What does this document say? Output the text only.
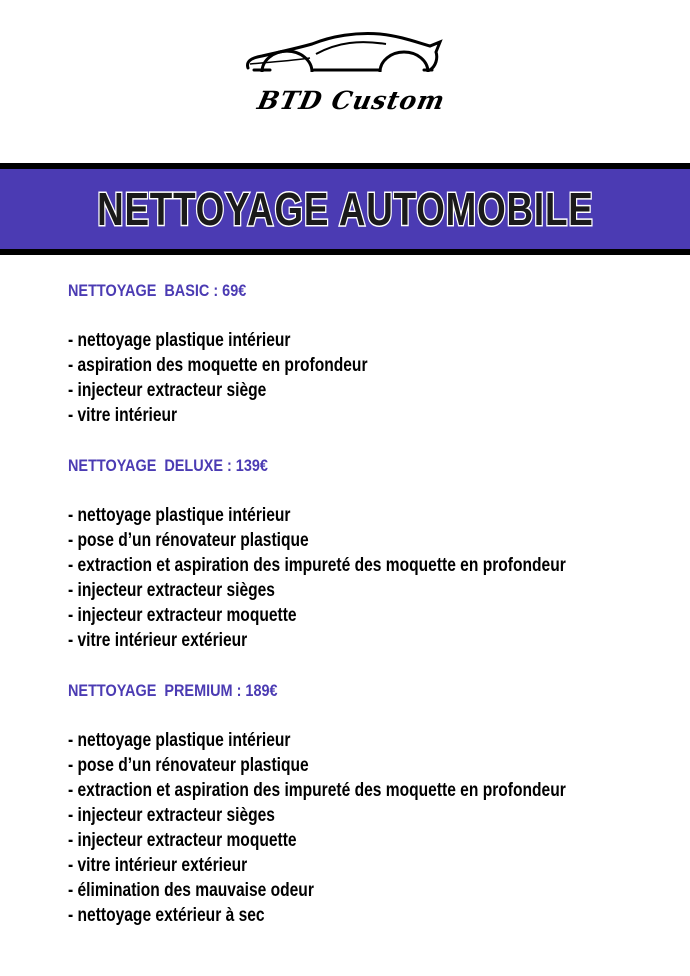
BTD Custom
NETTOYAGE AUTOMOBILE
NETTOYAGE  BASIC : 69€
- nettoyage plastique intérieur
- aspiration des moquette en profondeur
- injecteur extracteur siège
- vitre intérieur
NETTOYAGE  DELUXE : 139€
- nettoyage plastique intérieur
- pose d’un rénovateur plastique
- extraction et aspiration des impureté des moquette en profondeur
- injecteur extracteur sièges
- injecteur extracteur moquette
- vitre intérieur extérieur
NETTOYAGE  PREMIUM : 189€
- nettoyage plastique intérieur
- pose d’un rénovateur plastique
- extraction et aspiration des impureté des moquette en profondeur
- injecteur extracteur sièges
- injecteur extracteur moquette
- vitre intérieur extérieur
- élimination des mauvaise odeur
- nettoyage extérieur à sec
